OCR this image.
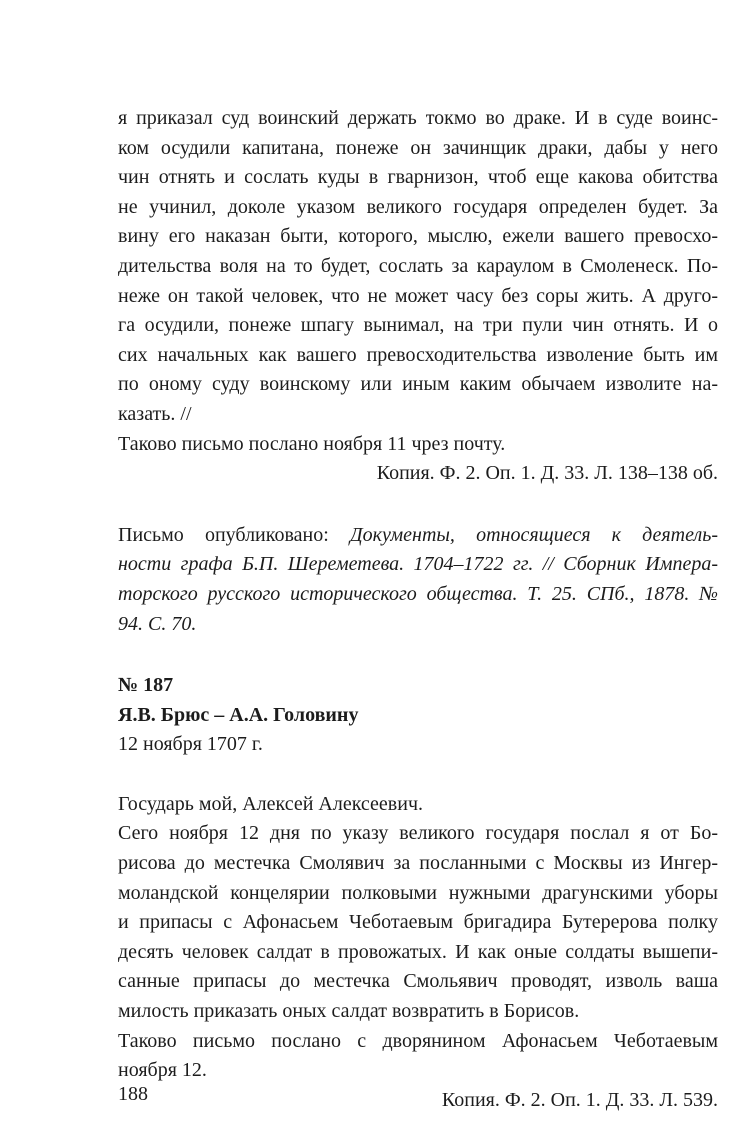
я приказал суд воинский держать токмо во драке. И в суде воинс-
ком осудили капитана, понеже он зачинщик драки, дабы у него
чин отнять и сослать куды в гварнизон, чтоб еще какова обитства
не учинил, доколе указом великого государя определен будет. За
вину его наказан быти, которого, мыслю, ежели вашего превосхо-
дительства воля на то будет, сослать за караулом в Смоленеск. По-
неже он такой человек, что не может часу без соры жить. А друго-
га осудили, понеже шпагу вынимал, на три пули чин отнять. И о
сих начальных как вашего превосходительства изволение быть им
по оному суду воинскому или иным каким обычаем изволите на-
казать. //
Таково письмо послано ноября 11 чрез почту.
Копия. Ф. 2. Оп. 1. Д. 33. Л. 138–138 об.
Письмо опубликовано: Документы, относящиеся к деятель-
ности графа Б.П. Шереметева. 1704–1722 гг. // Сборник Импера-
торского русского исторического общества. Т. 25. СПб., 1878. №
94. С. 70.
№ 187
Я.В. Брюс – А.А. Головину
12 ноября 1707 г.
Государь мой, Алексей Алексеевич.
Сего ноября 12 дня по указу великого государя послал я от Бо-
рисова до местечка Смолявич за посланными с Москвы из Ингер-
моландской концелярии полковыми нужными драгунскими уборы
и припасы с Афонасьем Чеботаевым бригадира Бутерерова полку
десять человек салдат в провожатых. И как оные солдаты вышепи-
санные припасы до местечка Смольявич проводят, изволь ваша
милость приказать оных салдат возвратить в Борисов.
Таково письмо послано с дворянином Афонасьем Чеботаевым
ноября 12.
Копия. Ф. 2. Оп. 1. Д. 33. Л. 539.
188
